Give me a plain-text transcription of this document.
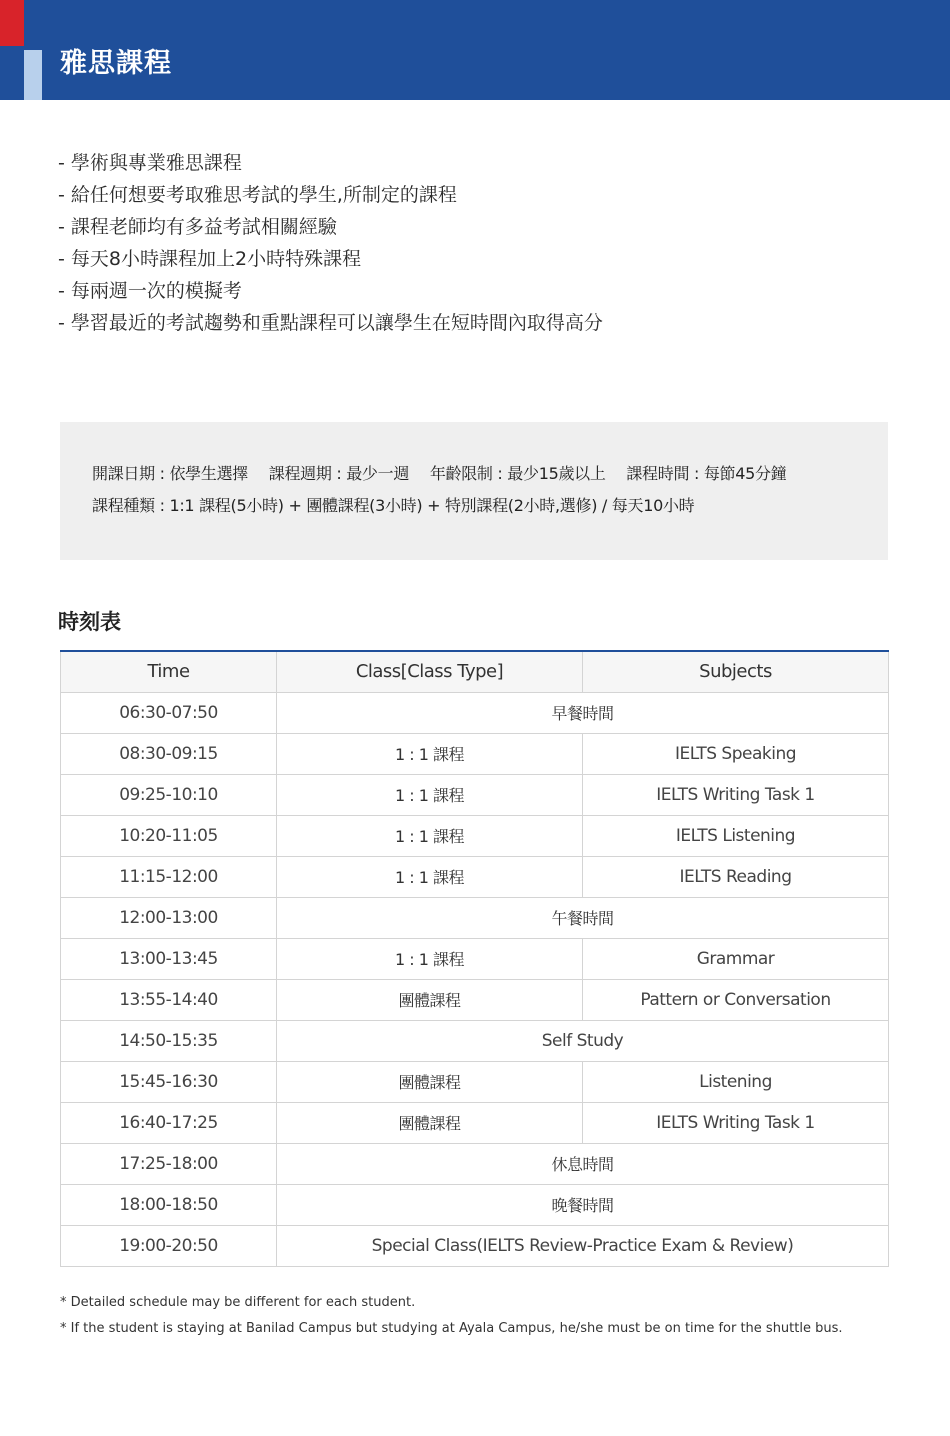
雅思課程
- 學術與專業雅思課程
- 給任何想要考取雅思考試的學生,所制定的課程
- 課程老師均有多益考試相關經驗
- 每天8小時課程加上2小時特殊課程
- 每兩週一次的模擬考
- 學習最近的考試趨勢和重點課程可以讓學生在短時間內取得高分
開課日期 : 依學生選擇 課程週期 : 最少一週 年齡限制 : 最少15歲以上 課程時間 : 每節45分鐘
課程種類 : 1:1 課程(5小時) + 團體課程(3小時) + 特別課程(2小時,選修) / 每天10小時
時刻表
Time	Class[Class Type]	Subjects
06:30-07:50	早餐時間	
08:30-09:15	1 : 1 課程	IELTS Speaking
09:25-10:10	1 : 1 課程	IELTS Writing Task 1
10:20-11:05	1 : 1 課程	IELTS Listening
11:15-12:00	1 : 1 課程	IELTS Reading
12:00-13:00	午餐時間	
13:00-13:45	1 : 1 課程	Grammar
13:55-14:40	團體課程	Pattern or Conversation
14:50-15:35	Self Study	
15:45-16:30	團體課程	Listening
16:40-17:25	團體課程	IELTS Writing Task 1
17:25-18:00	休息時間	
18:00-18:50	晚餐時間	
19:00-20:50	Special Class(IELTS Review-Practice Exam & Review)	

* Detailed schedule may be different for each student.

* If the student is staying at Banilad Campus but studying at Ayala Campus, he/she must be on time for the shuttle bus.
